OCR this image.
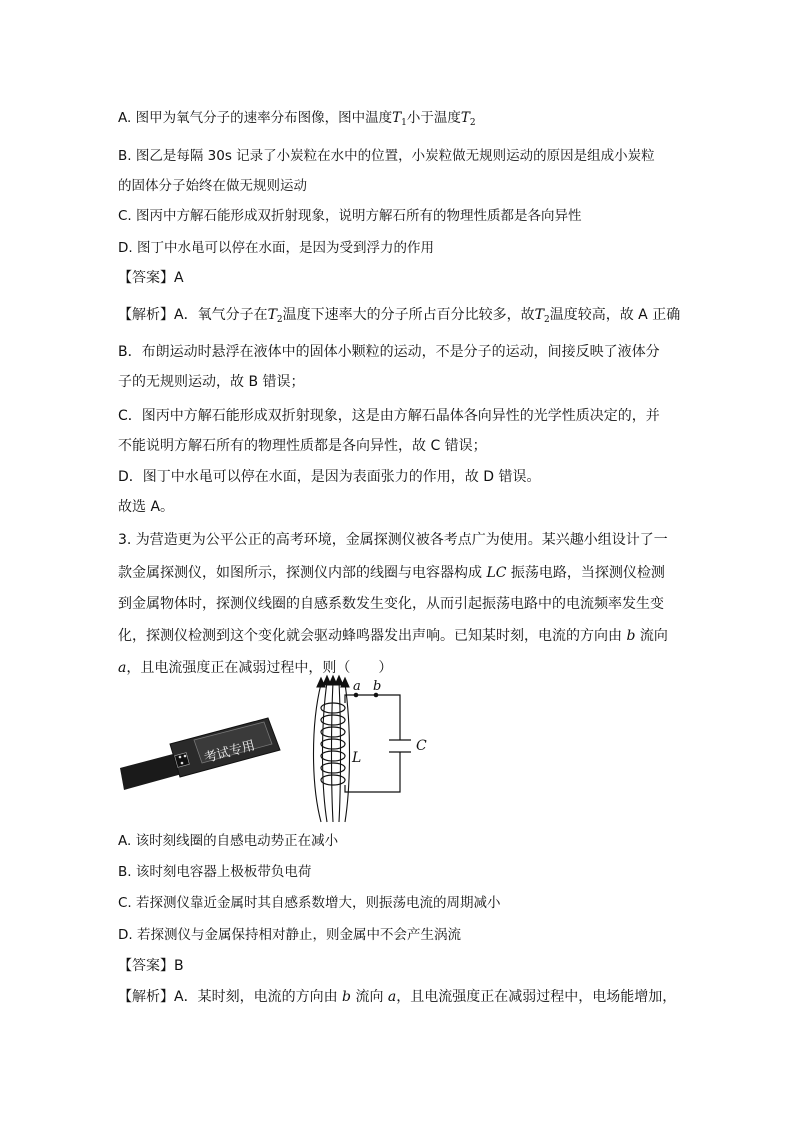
A. 图甲为氧气分子的速率分布图像，图中温度$T_1$小于温度$T_2$
B. 图乙是每隔 30s 记录了小炭粒在水中的位置，小炭粒做无规则运动的原因是组成小炭粒
的固体分子始终在做无规则运动
C. 图丙中方解石能形成双折射现象，说明方解石所有的物理性质都是各向异性
D. 图丁中水黾可以停在水面，是因为受到浮力的作用
【答案】A
【解析】A．氧气分子在$T_2$温度下速率大的分子所占百分比较多，故$T_2$温度较高，故 A 正确
B．布朗运动时悬浮在液体中的固体小颗粒的运动，不是分子的运动，间接反映了液体分
子的无规则运动，故 B 错误；
C．图丙中方解石能形成双折射现象，这是由方解石晶体各向异性的光学性质决定的，并
不能说明方解石所有的物理性质都是各向异性，故 C 错误；
D．图丁中水黾可以停在水面，是因为表面张力的作用，故 D 错误。
故选 A。
3. 为营造更为公平公正的高考环境，金属探测仪被各考点广为使用。某兴趣小组设计了一
款金属探测仪，如图所示，探测仪内部的线圈与电容器构成 LC 振荡电路，当探测仪检测
到金属物体时，探测仪线圈的自感系数发生变化，从而引起振荡电路中的电流频率发生变
化，探测仪检测到这个变化就会驱动蜂鸣器发出声响。已知某时刻，电流的方向由 b 流向
a，且电流强度正在减弱过程中，则（　　）
考试专用
a b
C
L
A. 该时刻线圈的自感电动势正在减小
B. 该时刻电容器上极板带负电荷
C. 若探测仪靠近金属时其自感系数增大，则振荡电流的周期减小
D. 若探测仪与金属保持相对静止，则金属中不会产生涡流
【答案】B
【解析】A．某时刻，电流的方向由 b 流向 a，且电流强度正在减弱过程中，电场能增加，
